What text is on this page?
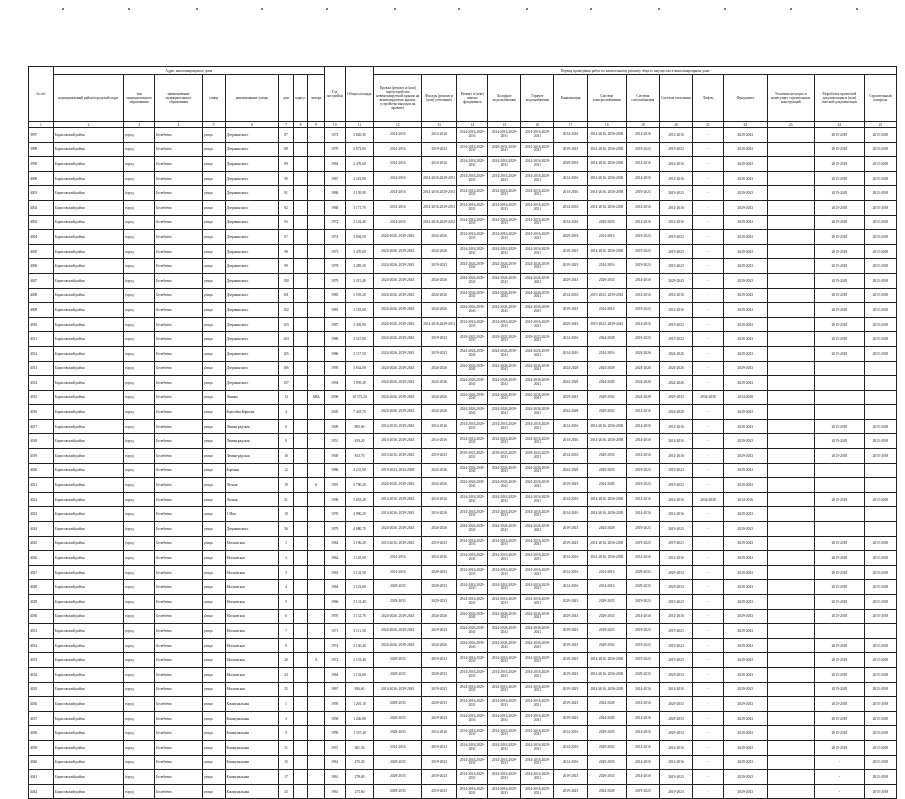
№ п/п	Адрес многоквартирного дома								Год постройки	Общая площадь	Период проведения работ по капитальному ремонту общего имущества в многоквартирном доме													
	муниципальный район/городской округ	тип муниципального образования	наименование муниципального образования	улица	наименование улицы	дом	корпус	литера			Кровля (ремонт и (или) переустройство невентилируемой крыши на вентилируемую крышу, устройство выходов на кровлю)	Фасады (ремонт и (или) утепление)	Ремонт и (или) замена фундамента	Холодное водоснабжение	Горячее водоснабжение	Канализация	Система электроснабжения	Система газоснабжения	Система отопления	Лифты	Фундамент	Усиление несущих и ненесущих строительных конструкций	Разработка проектной документации и (или) сметной документации	Строительный контроль
1	2	3	4	5	6	7	8	9	10	11	12	13	14	15	16	17	18	19	20	21	22	23	24	25
3997	Борисовский район	город	Белебеево	улица	Дзержинского	87			1972	3 820,30	2014-2016	2014-2016	2014-2016,2029-2031	2014-2016,2029-2031	2014-2016,2029-2031	2014-2016	2014-2016, 2036-2038	2014-2016	2014-2016	-	2029-2043		2015-2018	2015-2018
3998	Борисовский район	город	Белебеево	улица	Дзержинского	88			1970	2 872,00	2014-2016	2019-2023	2014-2016,2029-2031	2029-2031,2039-2041	2014-2016,2029-2031	2019-2023	2014-2016, 2036-2038	2019-2023	2019-2023	-	2029-2043		2015-2018	2015-2018
3999	Борисовский район	город	Белебеево	улица	Дзержинского	89			1964	2 476,60	2014-2016	2014-2016	2014-2016,2029-2031	2014-2016,2029-2031	2014-2016,2029-2031	2029-2033	2014-2016, 2036-2038	2014-2016	2014-2016	-	2029-2043		2015-2018	2015-2018
4000	Борисовский район	город	Белебеево	улица	Дзержинского	90			1967	2 241,00	2014-2016	2014-2016,2029-2031	2014-2016,2029-2031	2014-2016,2029-2031	2014-2016,2029-2031	2014-2016	2014-2016, 2036-2038	2014-2016	2014-2016	-	2029-2043		2015-2018	2015-2018
4001	Борисовский район	город	Белебеево	улица	Дзержинского	91			1968	3 105,90	2014-2016	2014-2016,2029-2031	2014-2016,2029-2031	2014-2016,2029-2031	2014-2016,2029-2031	2014-2016	2014-2016, 2036-2038	2019-2023	2019-2023	-	2029-2043		2015-2018	2015-2018
4002	Борисовский район	город	Белебеево	улица	Дзержинского	92			1968	3 171,70	2014-2016	2014-2016,2029-2031	2014-2016,2029-2031	2014-2016,2029-2031	2014-2016,2029-2031	2014-2016	2014-2016, 2036-2038	2014-2016	2014-2016	-	2029-2043		2015-2018	2015-2018
4003	Борисовский район	город	Белебеево	улица	Дзержинского	93			1972	3 142,40	2014-2016	2014-2016,2029-2031	2014-2016,2029-2031	2014-2016,2029-2031	2014-2016,2029-2031	2014-2016	2029-2033	2014-2016	2014-2016	-	2029-2043		2015-2018	2015-2018
4004	Борисовский район	город	Белебеево	улица	Дзержинского	97			1974	3 094,50	2024-2026, 2039-2043	2024-2026	2014-2016,2029-2031	2014-2016,2029-2031	2014-2016,2029-2031	2029-2033	2014-2016	2019-2023	2019-2023	-	2029-2043		2015-2018	2015-2018
4005	Борисовский район	город	Белебеево	улица	Дзержинского	98			1975	3 470,00	2024-2026, 2039-2043	2024-2026	2014-2016,2029-2031	2014-2016,2029-2031	2014-2016,2029-2031	2019-2023	2014-2016, 2036-2038	2019-2023	2019-2023	-	2029-2043		2015-2018	2015-2018
4006	Борисовский район	город	Белебеево	улица	Дзержинского	99			1978	3 483,30	2024-2026, 2039-2043	2019-2023	2024-2026,2039-2041	2024-2026,2039-2041	2024-2026,2039-2041	2019-2023	2014-2016	2019-2023	2019-2023	-	2029-2043		2015-2018	2015-2018
4007	Борисовский район	город	Белебеево	улица	Дзержинского	100			1979	3 315,40	2024-2026, 2039-2043	2024-2026	2024-2026,2039-2041	2024-2026,2039-2041	2024-2026,2039-2041	2029-2043	2029-2033	2014-2016	2029-2043	-	2029-2043		2015-2018	2015-2018
4008	Борисовский район	город	Белебеево	улица	Дзержинского	101			1983	3 503,20	2024-2026, 2039-2043	2024-2026	2024-2026,2039-2041	2024-2026,2039-2041	2024-2026,2039-2041	2014-2016	2019-2023, 2039-2043	2014-2016	2014-2016	-	2029-2043		2015-2018	2015-2018
4009	Борисовский район	город	Белебеево	улица	Дзержинского	102			1983	3 553,00	2024-2026, 2039-2043	2024-2026	2024-2026,2039-2041	2024-2026,2039-2041	2024-2026,2039-2041	2019-2023	2014-2016	2019-2023	2014-2016	-	2029-2043		2015-2018	2015-2018
4010	Борисовский район	город	Белебеево	улица	Дзержинского	103			1987	3 492,90	2024-2026, 2039-2043	2014-2016,2029-2031	2014-2016,2029-2031	2014-2016,2029-2031	2014-2016,2029-2031	2029-2043	2019-2023, 2039-2043	2014-2016	2019-2023	-	2029-2043		2015-2018	2015-2018
4011	Борисовский район	город	Белебеево	улица	Дзержинского	104			1986	3 527,00	2024-2026, 2039-2043	2019-2023	2019-2023,2029-2031	2019-2023,2029-2031	2019-2023,2029-2031	2014-2016	2024-2028	2019-2023	2019-2023	-	2029-2043		2015-2018	2015-2018
4012	Борисовский район	город	Белебеево	улица	Дзержинского	105			1986	3 117,50	2024-2026, 2039-2043	2019-2023	2024-2026,2039-2041	2024-2026,2039-2041	2024-2026,2039-2041	2014-2016	2014-2016	2024-2026	2024-2026	-	2029-2043		2015-2018	2015-2018
4013	Борисовский район	город	Белебеево	улица	Дзержинского	106			1995	3 632,00	2024-2026, 2039-2043	2024-2026	2024-2026,2039-2041	2024-2026,2039-2041	2024-2026,2039-2041	2024-2028	2024-2028	2024-2026	2024-2026	-	2029-2043			
4014	Борисовский район	город	Белебеево	улица	Дзержинского	107			1994	3 895,30	2024-2026, 2039-2043	2024-2026	2024-2026,2039-2041	2024-2026,2039-2041	2024-2026,2039-2041	2024-2028	2024-2028	2024-2026	2024-2026	-	2029-2043			
4015	Борисовский район	город	Белебеево	улица	Ленина	14		АВБ	2006	10 373,20	2024-2026, 2039-2043	2024-2026	2024-2026,2039-2041	2024-2026,2039-2041	2024-2026,2039-2041	2029-2043	2029-2033	2024-2028	2029-2043	2034-2038	2034-2038			
4016	Борисовский район	город	Белебеево	улица	Королёва Карпова	4			2005	7 443,70	2024-2026, 2039-2043	2024-2026	2024-2026,2039-2041	2024-2026,2039-2041	2024-2026,2039-2041	2024-2028	2029-2033	2014-2016	2024-2028	-	2029-2043			
4017	Борисовский район	город	Белебеево	улица	Ленинградская	6			1949	895,60	2014-2016, 2039-2043	2014-2016	2014-2016,2029-2031	2014-2016,2029-2031	2014-2016,2029-2031	2014-2016	2014-2016, 2036-2038	2014-2016	2014-2016	-	2029-2043		2015-2018	2015-2018
4018	Борисовский район	город	Белебеево	улица	Ленинградская	8			1951	819,20	2014-2016, 2039-2043	2014-2016	2014-2016,2029-2031	2014-2016,2029-2031	2014-2016,2029-2031	2014-2016	2014-2016, 2036-2038	2014-2016	2014-2016	-	2029-2043		2015-2018	2015-2018
4019	Борисовский район	город	Белебеево	улица	Ленинградская	10			1949	813,70	2014-2016, 2039-2043	2019-2023	2019-2023,2029-2031	2019-2023,2029-2031	2019-2023,2029-2031	2014-2016	2029-2033	2014-2016	2014-2016	-	2029-2043		2015-2018	2015-2018
4020	Борисовский район	город	Белебеево	улица	Боровая	12			1986	4 231,90	2019-2023, 2034-2038	2024-2026	2024-2026,2039-2041	2024-2026,2039-2041	2024-2026,2039-2041	2024-2028	2029-2033	2019-2023	2019-2023	-	2029-2043			
4021	Борисовский район	город	Белебеево	улица	Лесная	19		А	1991	3 790,20	2024-2026, 2039-2043	2024-2026	2024-2026,2039-2041	2024-2026,2039-2041	2024-2026,2039-2041	2019-2023	2024-2028	2019-2023	2019-2023	-	2029-2043			
4022	Борисовский район	город	Белебеево	улица	Лесная	21			1990	3 853,20	2014-2016, 2039-2043	2014-2016	2014-2016,2029-2031	2014-2016,2029-2031	2014-2016,2029-2031	2014-2016	2014-2016, 2036-2038	2014-2016	2014-2016	2034-2038	2014-2016		2015-2018	2015-2018
4023	Борисовский район	город	Белебеево	улица	1 Мая	19			1970	4 090,20	2014-2016, 2039-2043	2014-2016	2014-2016,2029-2031	2014-2016,2029-2031	2014-2016,2029-2031	2014-2016	2014-2016, 2036-2038	2014-2016	2014-2016	-	2029-2043			
4024	Борисовский район	город	Белебеево	улица	Дзержинского	56			1979	4 080,70	2024-2026, 2039-2043	2024-2026	2024-2026,2039-2041	2024-2026,2039-2041	2024-2026,2039-2041	2019-2023	2024-2028	2019-2023	2019-2023	-	2029-2043			
4025	Борисовский район	город	Белебеево	улица	Московская	1			1962	3 196,20	2014-2016, 2039-2043	2019-2023	2014-2016,2029-2031	2014-2016,2029-2031	2014-2016,2029-2031	2019-2023	2014-2016, 2036-2038	2019-2023	2019-2023	-	2029-2043		2015-2018	2015-2018
4026	Борисовский район	город	Белебеево	улица	Московская	2			1962	3 145,90	2014-2016	2014-2016	2014-2016,2029-2031	2014-2016,2029-2031	2014-2016,2029-2031	2014-2016	2014-2016, 2036-2038	2014-2016	2014-2016	-	2029-2043		2015-2018	2015-2018
4027	Борисовский район	город	Белебеево	улица	Московская	3			1963	3 132,30	2014-2016	2029-2033	2014-2016,2029-2031	2014-2016,2029-2031	2014-2016,2029-2031	2014-2016	2014-2016	2029-2033	2029-2033	-	2029-2043		2015-2018	2015-2018
4028	Борисовский район	город	Белебеево	улица	Московская	4			1964	3 123,60	2029-2033	2029-2033	2014-2016,2029-2031	2014-2016,2029-2031	2014-2016,2029-2031	2014-2016	2014-2016	2029-2033	2029-2033	-	2029-2043		2015-2018	2015-2018
4029	Борисовский район	город	Белебеево	улица	Московская	5			1966	3 131,40	2029-2033	2029-2033	2014-2016,2029-2031	2014-2016,2029-2031	2014-2016,2029-2031	2029-2043	2029-2033	2019-2023	2019-2023	-	2029-2043		2015-2018	2015-2018
4030	Борисовский район	город	Белебеево	улица	Московская	6			1970	3 132,70	2024-2026, 2039-2043	2024-2026	2024-2026,2039-2041	2024-2026,2039-2041	2024-2026,2039-2041	2029-2043	2029-2033	2014-2016	2014-2016	-	2029-2043		2015-2018	2015-2018
4031	Борисовский район	город	Белебеево	улица	Московская	7			1971	3 111,30	2024-2026, 2039-2043	2019-2023	2024-2026,2039-2041	2024-2026,2039-2041	2024-2026,2039-2041	2019-2023	2019-2023	2019-2023	2019-2023	-	2029-2043			
4032	Борисовский район	город	Белебеево	улица	Московская	8			1974	3 130,40	2024-2026, 2039-2043	2024-2026	2024-2026,2039-2041	2024-2026,2039-2041	2024-2026,2039-2041	2019-2023	2029-2033	2019-2023	2019-2023	-	2029-2043		2015-2018	2015-2018
4033	Борисовский район	город	Белебеево	улица	Московская	20		А	1972	3 153,40	2029-2033	2019-2023	2014-2016,2029-2031	2014-2016,2029-2031	2014-2016,2029-2031	2019-2023	2014-2016, 2036-2038	2019-2023	2019-2023	-	2029-2043		2015-2018	2015-2018
4034	Борисовский район	город	Белебеево	улица	Московская	24			1964	3 133,60	2029-2033	2029-2033	2014-2016,2029-2031	2014-2016,2029-2031	2014-2016,2029-2031	2019-2023	2014-2016, 2036-2038	2029-2033	2029-2033	-	2029-2043		2015-2018	2015-2018
4035	Борисовский район	город	Белебеево	улица	Московская	25			1967	836,60	2014-2016, 2039-2043	2019-2023	2014-2016,2029-2031	2014-2016,2029-2031	2014-2016,2029-2031	2019-2023	2014-2016, 2036-2038	2014-2016	2014-2016	-	2029-2043		2015-2018	2015-2018
4036	Борисовский район	город	Белебеево	улица	Коммунальная	1			1959	1 201,10	2029-2033	2029-2033	2014-2016,2029-2031	2014-2016,2029-2031	2014-2016,2029-2031	2019-2023	2024-2028	2014-2016	2029-2033	-	2029-2043		2015-2018	2015-2018
4037	Борисовский район	город	Белебеево	улица	Коммунальная	3			1958	1 246,80	2029-2033	2019-2023	2014-2016,2029-2031	2014-2016,2029-2031	2014-2016,2029-2031	2019-2023	2024-2028	2014-2016	2029-2033	-	2029-2043		2015-2018	2015-2018
4038	Борисовский район	город	Белебеево	улица	Коммунальная	9			1959	1 357,40	2029-2033	2014-2016	2014-2016,2029-2031	2014-2016,2029-2031	2014-2016,2029-2031	2014-2016	2029-2033	2014-2016	2029-2033	-	2029-2043		2015-2018	2015-2018
4039	Борисовский район	город	Белебеево	улица	Коммунальная	11			1957	381,50	2014-2016	2019-2023	2014-2016,2029-2031	2014-2016,2029-2031	2014-2016,2029-2031	2014-2016	2029-2033	2014-2016	2014-2016	-	2029-2043		2015-2018	2015-2018
4040	Борисовский район	город	Белебеево	улица	Коммунальная	15			1961	270,20	2029-2033	2019-2023	2014-2016,2029-2031	2014-2016,2029-2031	2014-2016,2029-2031	2014-2016	2029-2033	2014-2016	2014-2016	-	2029-2043		-	2015-2018
4041	Борисовский район	город	Белебеево	улица	Коммунальная	17			1961	278,00	2029-2033	2019-2023	2014-2016,2029-2031	2014-2016,2029-2031	2014-2016,2029-2031	2019-2023	2029-2033	2014-2016	2019-2023	-	2029-2043		-	2015-2018
4042	Борисовский район	город	Белебеево	улица	Коммунальная	23			1961	275,60	2029-2033	2019-2023	2014-2016,2029-2031	2014-2016,2029-2031	2014-2016,2029-2031	2019-2023	2024-2028	2019-2023	2019-2023	-	2029-2043		-	2015-2018
